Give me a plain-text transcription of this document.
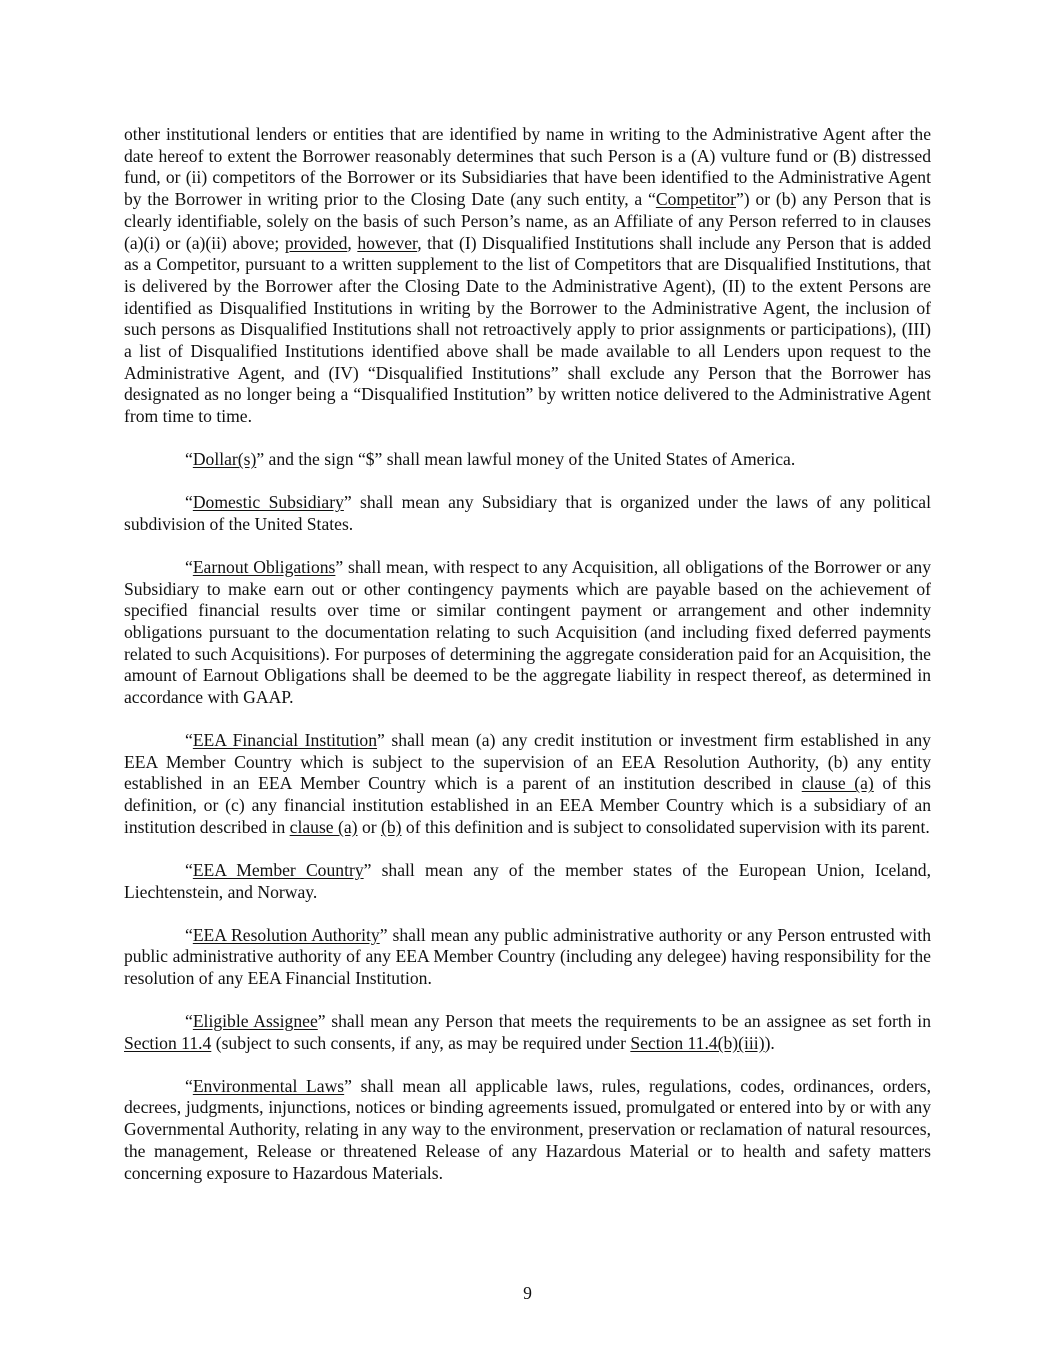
other institutional lenders or entities that are identified by name in writing to the Administrative Agent after the date hereof to extent the Borrower reasonably determines that such Person is a (A) vulture fund or (B) distressed fund, or (ii) competitors of the Borrower or its Subsidiaries that have been identified to the Administrative Agent by the Borrower in writing prior to the Closing Date (any such entity, a “Competitor”) or (b) any Person that is clearly identifiable, solely on the basis of such Person’s name, as an Affiliate of any Person referred to in clauses (a)(i) or (a)(ii) above; provided, however, that (I) Disqualified Institutions shall include any Person that is added as a Competitor, pursuant to a written supplement to the list of Competitors that are Disqualified Institutions, that is delivered by the Borrower after the Closing Date to the Administrative Agent), (II) to the extent Persons are identified as Disqualified Institutions in writing by the Borrower to the Administrative Agent, the inclusion of such persons as Disqualified Institutions shall not retroactively apply to prior assignments or participations), (III) a list of Disqualified Institutions identified above shall be made available to all Lenders upon request to the Administrative Agent, and (IV) “Disqualified Institutions” shall exclude any Person that the Borrower has designated as no longer being a “Disqualified Institution” by written notice delivered to the Administrative Agent from time to time.

“Dollar(s)” and the sign “$” shall mean lawful money of the United States of America.

“Domestic Subsidiary” shall mean any Subsidiary that is organized under the laws of any political subdivision of the United States.

“Earnout Obligations” shall mean, with respect to any Acquisition, all obligations of the Borrower or any Subsidiary to make earn out or other contingency payments which are payable based on the achievement of specified financial results over time or similar contingent payment or arrangement and other indemnity obligations pursuant to the documentation relating to such Acquisition (and including fixed deferred payments related to such Acquisitions). For purposes of determining the aggregate consideration paid for an Acquisition, the amount of Earnout Obligations shall be deemed to be the aggregate liability in respect thereof, as determined in accordance with GAAP.

“EEA Financial Institution” shall mean (a) any credit institution or investment firm established in any EEA Member Country which is subject to the supervision of an EEA Resolution Authority, (b) any entity established in an EEA Member Country which is a parent of an institution described in clause (a) of this definition, or (c) any financial institution established in an EEA Member Country which is a subsidiary of an institution described in clause (a) or (b) of this definition and is subject to consolidated supervision with its parent.

“EEA Member Country” shall mean any of the member states of the European Union, Iceland, Liechtenstein, and Norway.

“EEA Resolution Authority” shall mean any public administrative authority or any Person entrusted with public administrative authority of any EEA Member Country (including any delegee) having responsibility for the resolution of any EEA Financial Institution.

“Eligible Assignee” shall mean any Person that meets the requirements to be an assignee as set forth in Section 11.4 (subject to such consents, if any, as may be required under Section 11.4(b)(iii)).

“Environmental Laws” shall mean all applicable laws, rules, regulations, codes, ordinances, orders, decrees, judgments, injunctions, notices or binding agreements issued, promulgated or entered into by or with any Governmental Authority, relating in any way to the environment, preservation or reclamation of natural resources, the management, Release or threatened Release of any Hazardous Material or to health and safety matters concerning exposure to Hazardous Materials.

9
